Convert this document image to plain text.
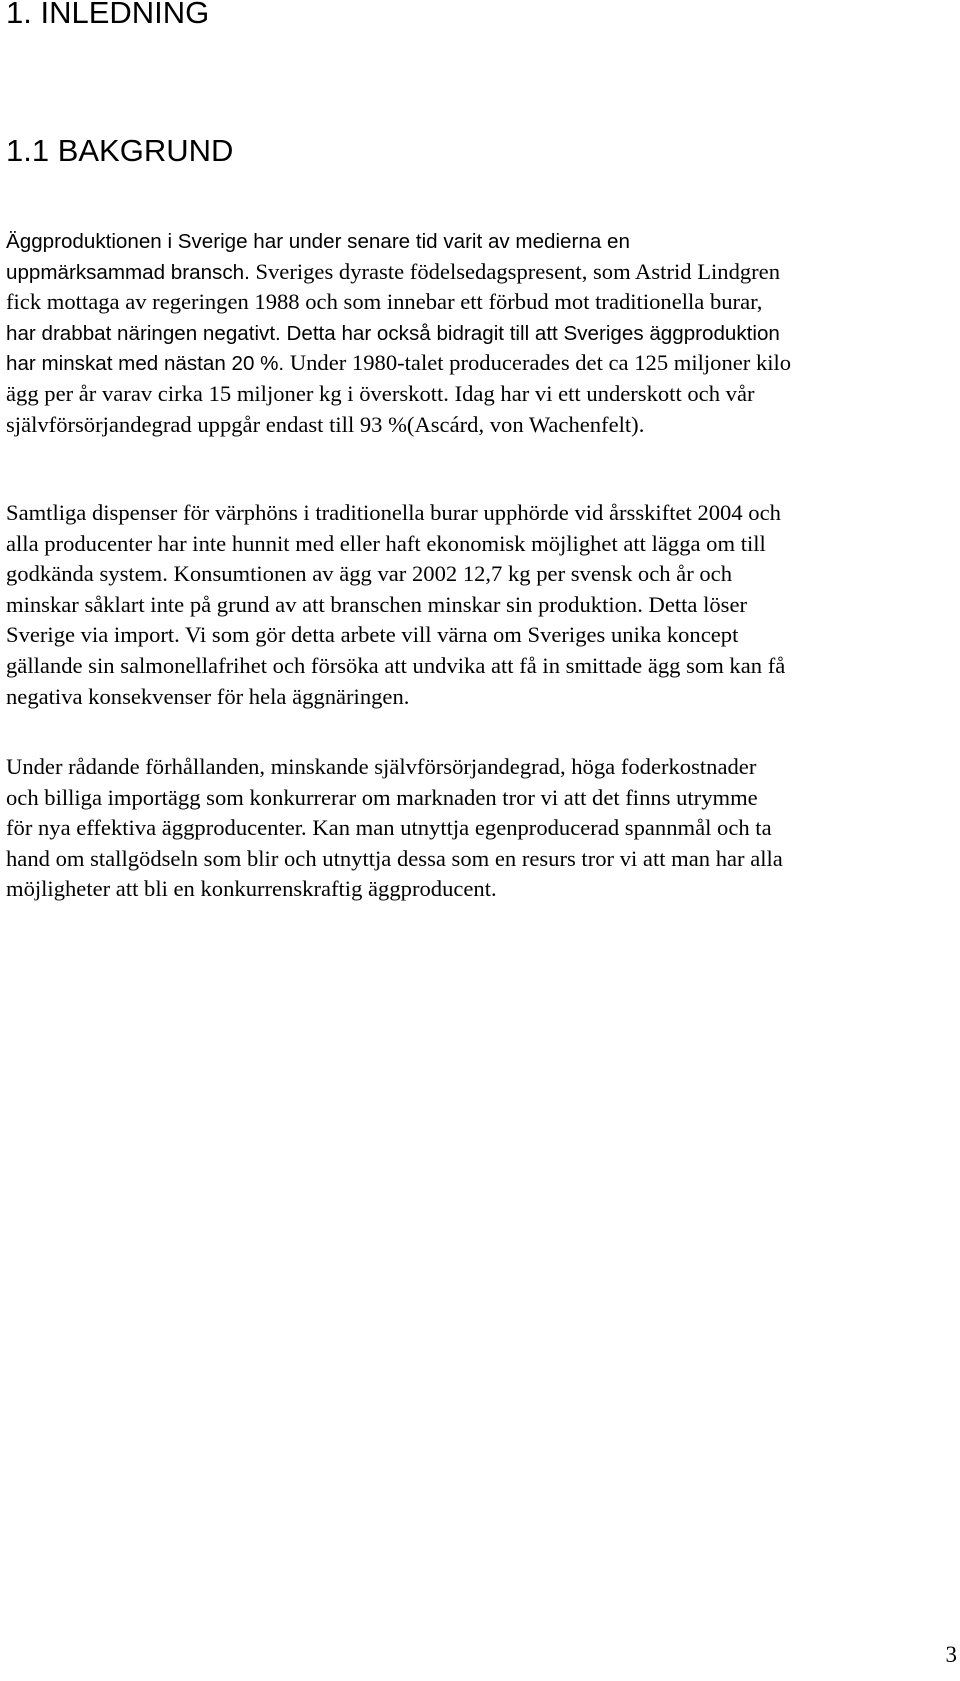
1. INLEDNING
1.1 BAKGRUND
Äggproduktionen i Sverige har under senare tid varit av medierna en
uppmärksammad bransch. Sveriges dyraste födelsedagspresent, som Astrid Lindgren
fick mottaga av regeringen 1988 och som innebar ett förbud mot traditionella burar,
har drabbat näringen negativt. Detta har också bidragit till att Sveriges äggproduktion
har minskat med nästan 20 %. Under 1980-talet producerades det ca 125 miljoner kilo
ägg per år varav cirka 15 miljoner kg i överskott. Idag har vi ett underskott och vår
självförsörjandegrad uppgår endast till 93 %(Ascárd, von Wachenfelt).
Samtliga dispenser för värphöns i traditionella burar upphörde vid årsskiftet 2004 och
alla producenter har inte hunnit med eller haft ekonomisk möjlighet att lägga om till
godkända system. Konsumtionen av ägg var 2002 12,7 kg per svensk och år och
minskar såklart inte på grund av att branschen minskar sin produktion. Detta löser
Sverige via import. Vi som gör detta arbete vill värna om Sveriges unika koncept
gällande sin salmonellafrihet och försöka att undvika att få in smittade ägg som kan få
negativa konsekvenser för hela äggnäringen.
Under rådande förhållanden, minskande självförsörjandegrad, höga foderkostnader
och billiga importägg som konkurrerar om marknaden tror vi att det finns utrymme
för nya effektiva äggproducenter. Kan man utnyttja egenproducerad spannmål och ta
hand om stallgödseln som blir och utnyttja dessa som en resurs tror vi att man har alla
möjligheter att bli en konkurrenskraftig äggproducent.
3
